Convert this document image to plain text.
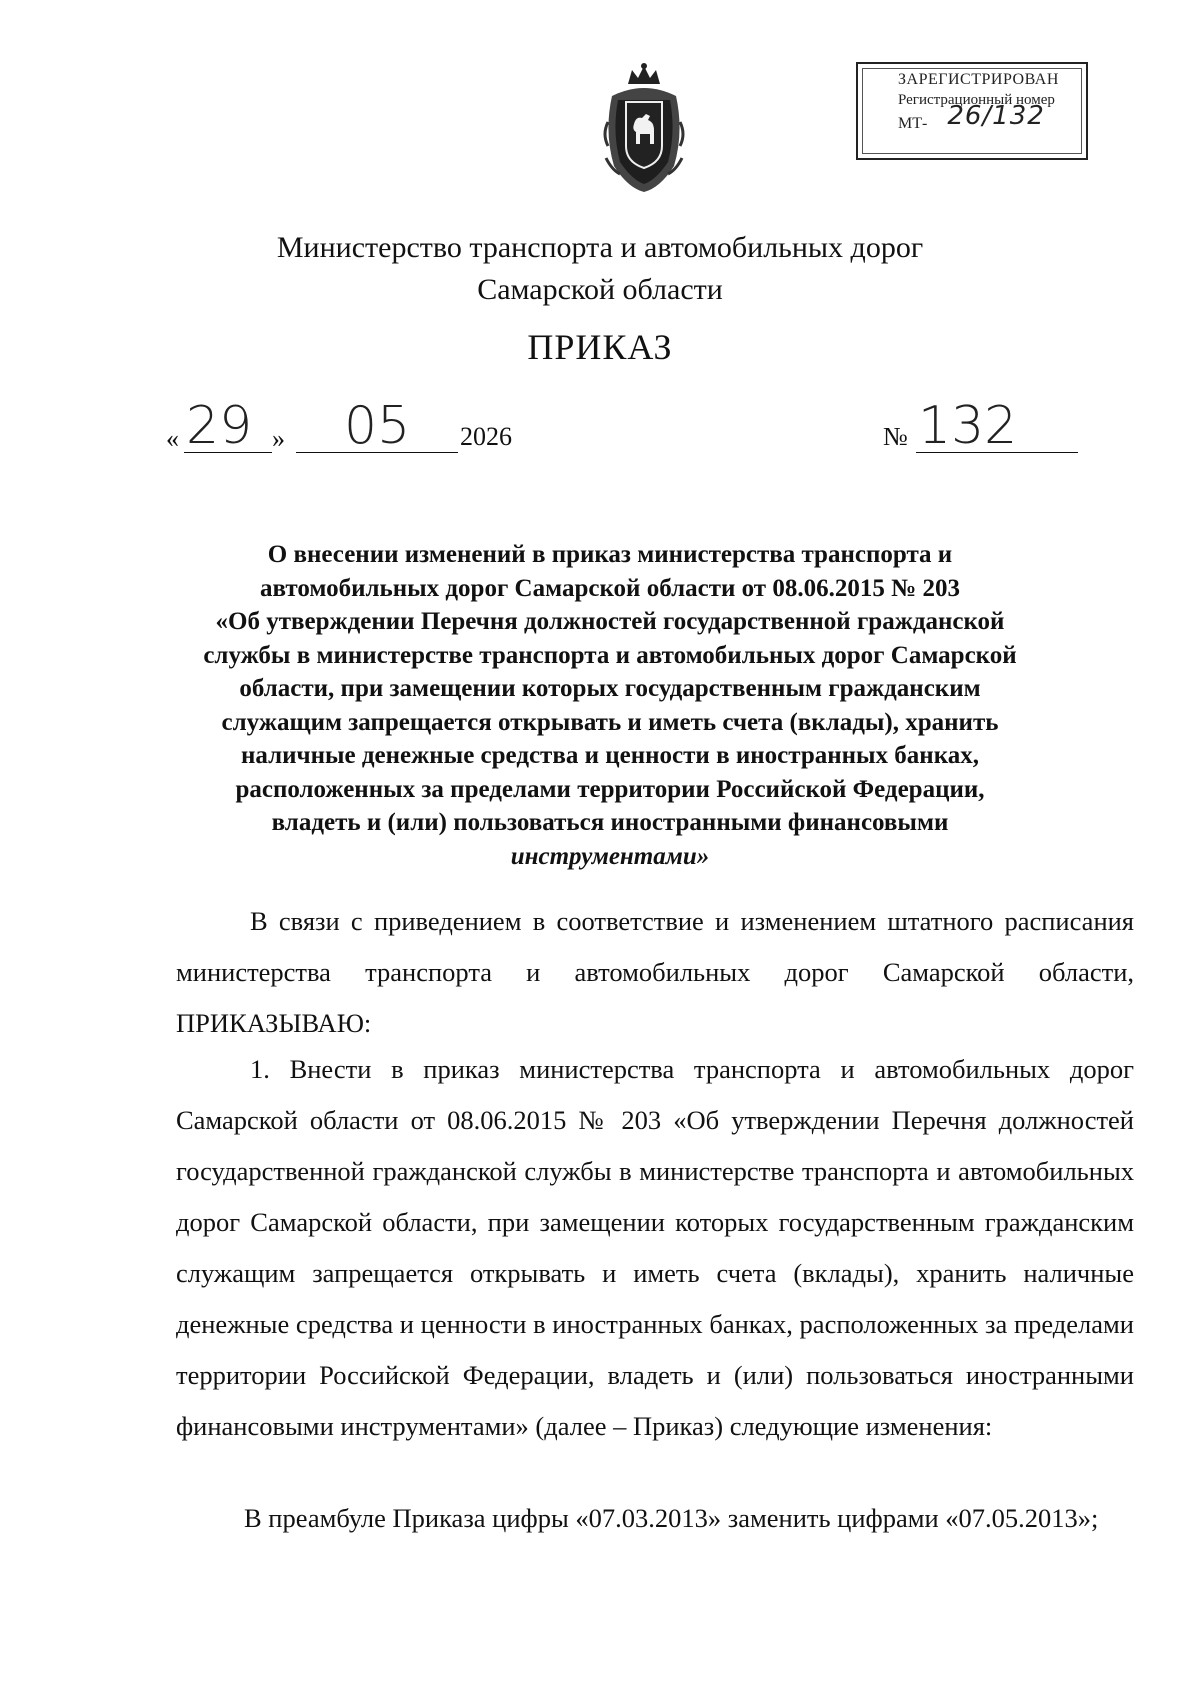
ЗАРЕГИСТРИРОВАН
Регистрационный номер
МТ- 26/132
Министерство транспорта и автомобильных дорог
Самарской области
ПРИКАЗ
« 29 » 05 2026	№ 132
О внесении изменений в приказ министерства транспорта и
автомобильных дорог Самарской области от 08.06.2015 № 203
«Об утверждении Перечня должностей государственной гражданской
службы в министерстве транспорта и автомобильных дорог Самарской
области, при замещении которых государственным гражданским
служащим запрещается открывать и иметь счета (вклады), хранить
наличные денежные средства и ценности в иностранных банках,
расположенных за пределами территории Российской Федерации,
владеть и (или) пользоваться иностранными финансовыми
инструментами»

В связи с приведением в соответствие и изменением штатного расписания министерства транспорта и автомобильных дорог Самарской области, ПРИКАЗЫВАЮ:

1. Внести в приказ министерства транспорта и автомобильных дорог Самарской области от 08.06.2015 № 203 «Об утверждении Перечня должностей государственной гражданской службы в министерстве транспорта и автомобильных дорог Самарской области, при замещении которых государственным гражданским служащим запрещается открывать и иметь счета (вклады), хранить наличные денежные средства и ценности в иностранных банках, расположенных за пределами территории Российской Федерации, владеть и (или) пользоваться иностранными финансовыми инструментами» (далее – Приказ) следующие изменения:

В преамбуле Приказа цифры «07.03.2013» заменить цифрами «07.05.2013»;
